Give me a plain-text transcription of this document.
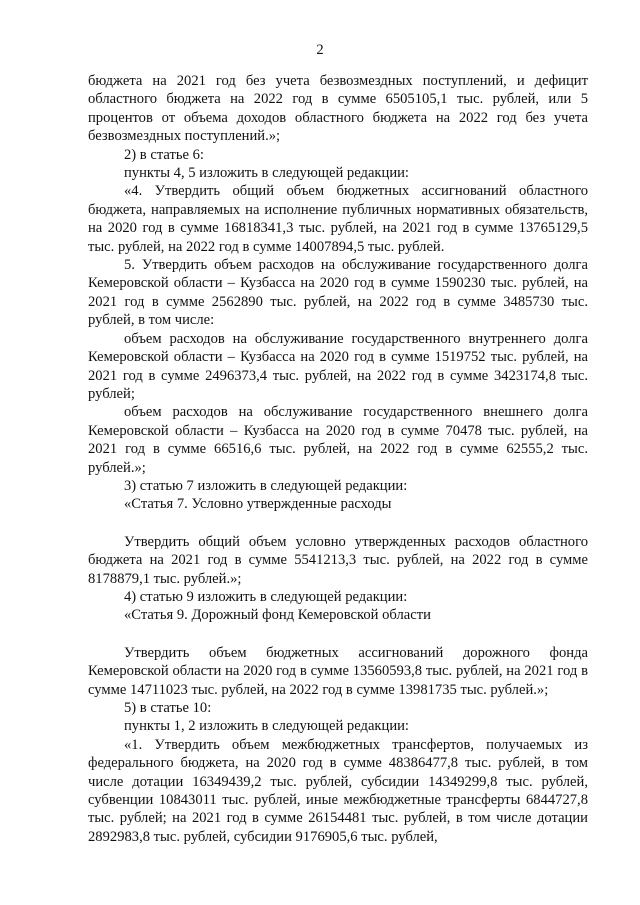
2

бюджета на 2021 год без учета безвозмездных поступлений, и дефицит областного бюджета на 2022 год в сумме 6505105,1 тыс. рублей, или 5 процентов от объема доходов областного бюджета на 2022 год без учета безвозмездных поступлений.»;

2) в статье 6:

пункты 4, 5 изложить в следующей редакции:

«4. Утвердить общий объем бюджетных ассигнований областного бюджета, направляемых на исполнение публичных нормативных обязательств, на 2020 год в сумме 16818341,3 тыс. рублей, на 2021 год в сумме 13765129,5 тыс. рублей, на 2022 год в сумме 14007894,5 тыс. рублей.

5. Утвердить объем расходов на обслуживание государственного долга Кемеровской области – Кузбасса на 2020 год в сумме 1590230 тыс. рублей, на 2021 год в сумме 2562890 тыс. рублей, на 2022 год в сумме 3485730 тыс. рублей, в том числе:

объем расходов на обслуживание государственного внутреннего долга Кемеровской области – Кузбасса на 2020 год в сумме 1519752 тыс. рублей, на 2021 год в сумме 2496373,4 тыс. рублей, на 2022 год в сумме 3423174,8 тыс. рублей;

объем расходов на обслуживание государственного внешнего долга Кемеровской области – Кузбасса на 2020 год в сумме 70478 тыс. рублей, на 2021 год в сумме 66516,6 тыс. рублей, на 2022 год в сумме 62555,2 тыс. рублей.»;

3) статью 7 изложить в следующей редакции:

«Статья 7. Условно утвержденные расходы

Утвердить общий объем условно утвержденных расходов областного бюджета на 2021 год в сумме 5541213,3 тыс. рублей, на 2022 год в сумме 8178879,1 тыс. рублей.»;

4) статью 9 изложить в следующей редакции:

«Статья 9. Дорожный фонд Кемеровской области

Утвердить объем бюджетных ассигнований дорожного фонда Кемеровской области на 2020 год в сумме 13560593,8 тыс. рублей, на 2021 год в сумме 14711023 тыс. рублей, на 2022 год в сумме 13981735 тыс. рублей.»;

5) в статье 10:

пункты 1, 2 изложить в следующей редакции:

«1. Утвердить объем межбюджетных трансфертов, получаемых из федерального бюджета, на 2020 год в сумме 48386477,8 тыс. рублей, в том числе дотации 16349439,2 тыс. рублей, субсидии 14349299,8 тыс. рублей, субвенции 10843011 тыс. рублей, иные межбюджетные трансферты 6844727,8 тыс. рублей; на 2021 год в сумме 26154481 тыс. рублей, в том числе дотации 2892983,8 тыс. рублей, субсидии 9176905,6 тыс. рублей,
